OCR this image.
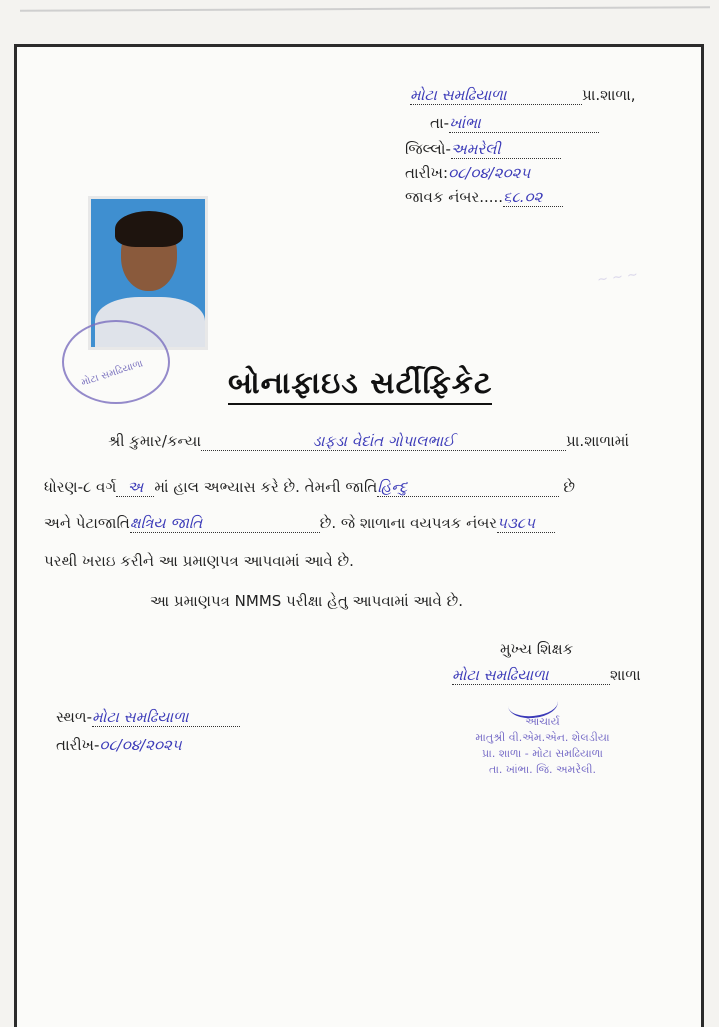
મોટા સમઢિયાળા	પ્રા.શાળા,
તા-ખાંભા
જિલ્લો-અમરેલી
તારીખ:૦૮/૦૪/૨૦૨૫
જાવક નંબર.....૬૮.૦૨
~ ~ ~
મોટા સમઢિયાળા	બોનાફાઇડ સર્ટીફિકેટ
શ્રી કુમાર/કન્યા	ડાફડા વેદાંત ગોપાલભાઈ	પ્રા.શાળામાં
ધોરણ-૮ વર્ગ અ માં હાલ અભ્યાસ કરે છે. તેમની જાતિહિન્દુ	છે
અને પેટાજાતિક્ષત્રિય જાતિ	છે. જે શાળાના વયપત્રક નંબર૫૩૮૫
પરથી ખરાઇ કરીને આ પ્રમાણપત્ર આપવામાં આવે છે.
આ પ્રમાણપત્ર NMMS પરીક્ષા હેતુ આપવામાં આવે છે.
મુખ્ય શિક્ષક
મોટા સમઢિયાળા	શાળા
આચાર્ય
માતુશ્રી વી.એમ.એન. શેલડીયા
પ્રા. શાળા - મોટા સમઢિયાળા
તા. ખાંભા. જિ. અમરેલી.
સ્થળ-મોટા સમઢિયાળા
તારીખ-૦૮/૦૪/૨૦૨૫
